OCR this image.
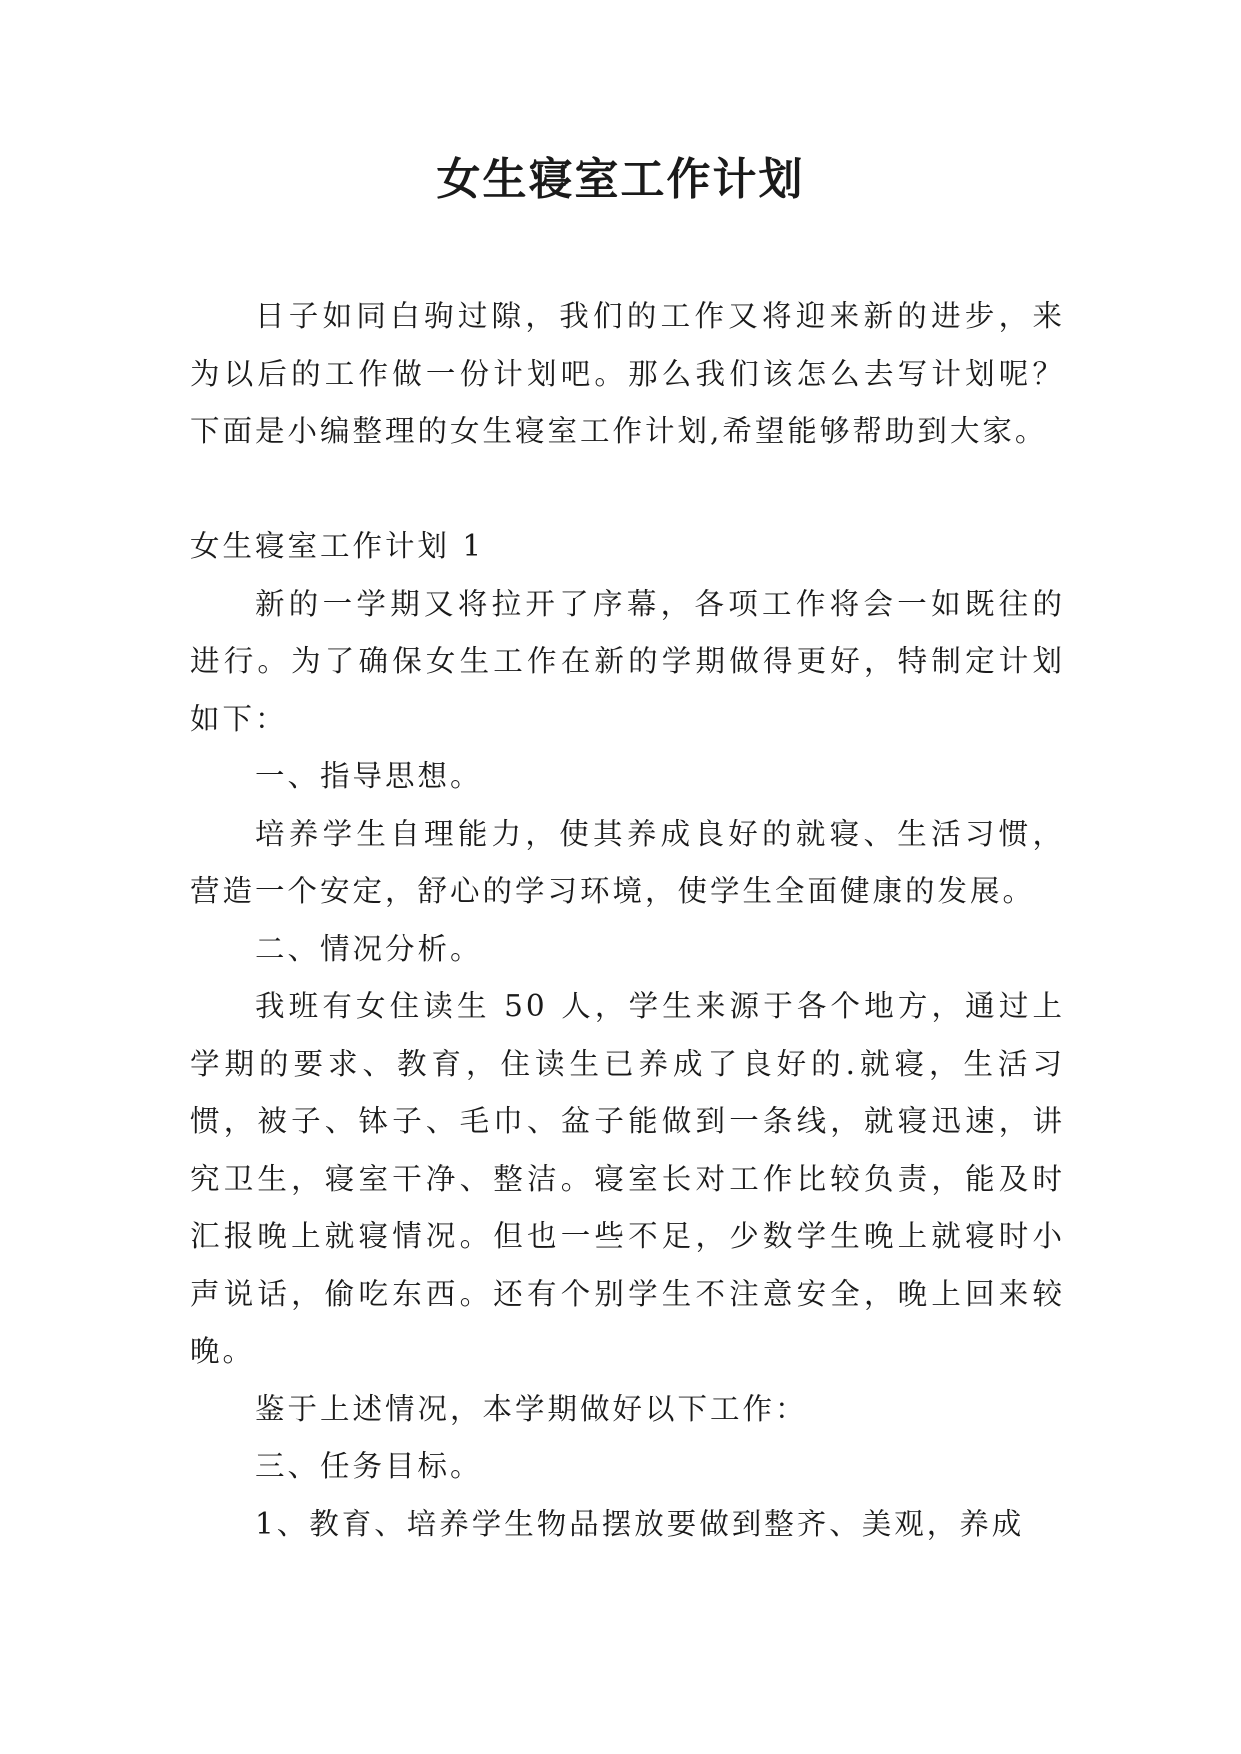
女生寝室工作计划

日子如同白驹过隙，我们的工作又将迎来新的进步，来为以后的工作做一份计划吧。那么我们该怎么去写计划呢？下面是小编整理的女生寝室工作计划,希望能够帮助到大家。

女生寝室工作计划 1

新的一学期又将拉开了序幕，各项工作将会一如既往的进行。为了确保女生工作在新的学期做得更好，特制定计划如下：

一、指导思想。

培养学生自理能力，使其养成良好的就寝、生活习惯，营造一个安定，舒心的学习环境，使学生全面健康的发展。

二、情况分析。

我班有女住读生 50 人，学生来源于各个地方，通过上学期的要求、教育，住读生已养成了良好的.就寝，生活习惯，被子、钵子、毛巾、盆子能做到一条线，就寝迅速，讲究卫生，寝室干净、整洁。寝室长对工作比较负责，能及时汇报晚上就寝情况。但也一些不足，少数学生晚上就寝时小声说话，偷吃东西。还有个别学生不注意安全，晚上回来较晚。

鉴于上述情况，本学期做好以下工作：

三、任务目标。

1、教育、培养学生物品摆放要做到整齐、美观，养成
